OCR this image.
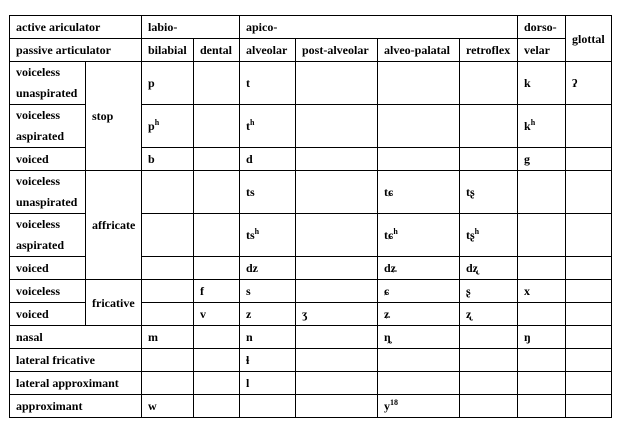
active ariculator		labio-		apico-				dorso-	glottal
passive articulator		bilabial	dental	alveolar	post-alveolar	alveo-palatal	retroflex	velar	
voiceless
unaspirated	stop	p		t				k	ʔ
voiceless
aspirated		$p^h$		$t^h$				$k^h$	
voiced		b		d				g	
voiceless
unaspirated	affricate			ts		tɕ	tʂ		
voiceless
aspirated				$ts^h$		tɕ$^h$	tʂ$^h$		
voiced				dz		dʑ	dʐ		
voiceless	fricative		f	s		ɕ	ʂ	x	
voiced			v	z	ʒ	ʑ	ʐ		
nasal		m		n		ȵ		ŋ	
lateral fricative				ɬ					
lateral approximant				l					
approximant		w				$y^{18}$			
